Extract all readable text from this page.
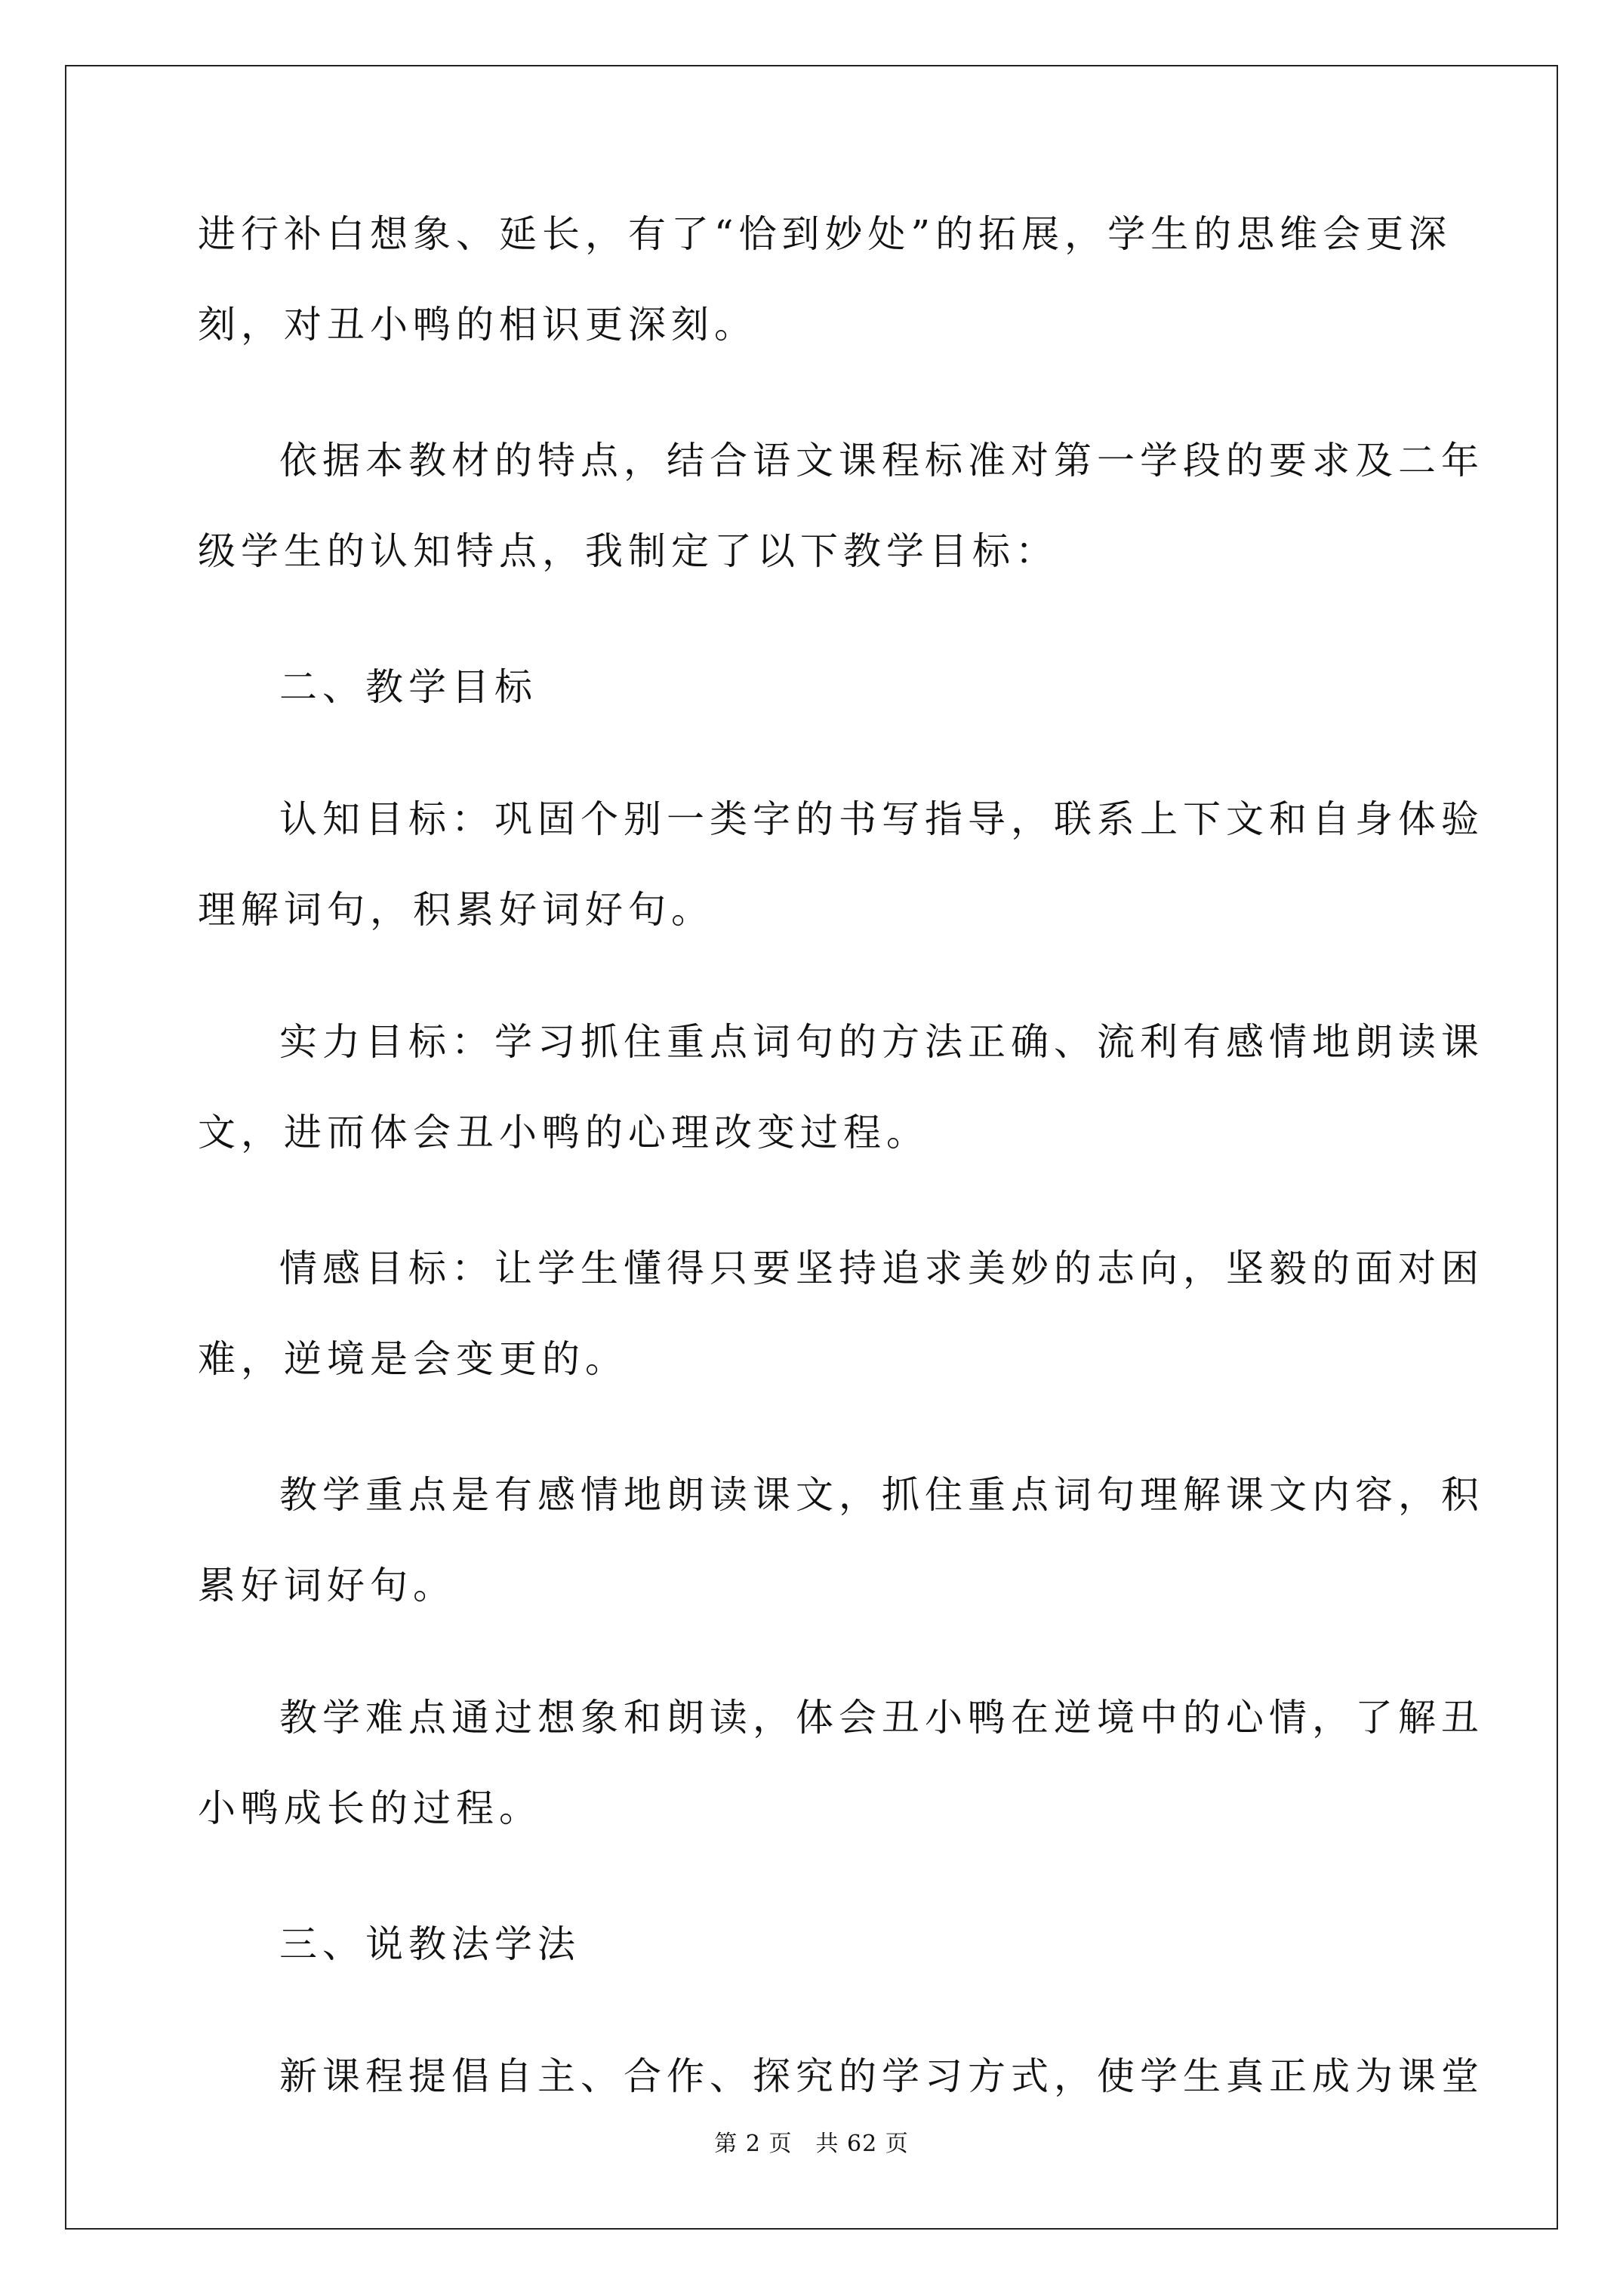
进行补白想象、延长，有了“恰到妙处”的拓展，学生的思维会更深
刻，对丑小鸭的相识更深刻。
依据本教材的特点，结合语文课程标准对第一学段的要求及二年
级学生的认知特点，我制定了以下教学目标：
二、教学目标
认知目标：巩固个别一类字的书写指导，联系上下文和自身体验
理解词句，积累好词好句。
实力目标：学习抓住重点词句的方法正确、流利有感情地朗读课
文，进而体会丑小鸭的心理改变过程。
情感目标：让学生懂得只要坚持追求美妙的志向，坚毅的面对困
难，逆境是会变更的。
教学重点是有感情地朗读课文，抓住重点词句理解课文内容，积
累好词好句。
教学难点通过想象和朗读，体会丑小鸭在逆境中的心情，了解丑
小鸭成长的过程。
三、说教法学法
新课程提倡自主、合作、探究的学习方式，使学生真正成为课堂
第 2 页　共 62 页
